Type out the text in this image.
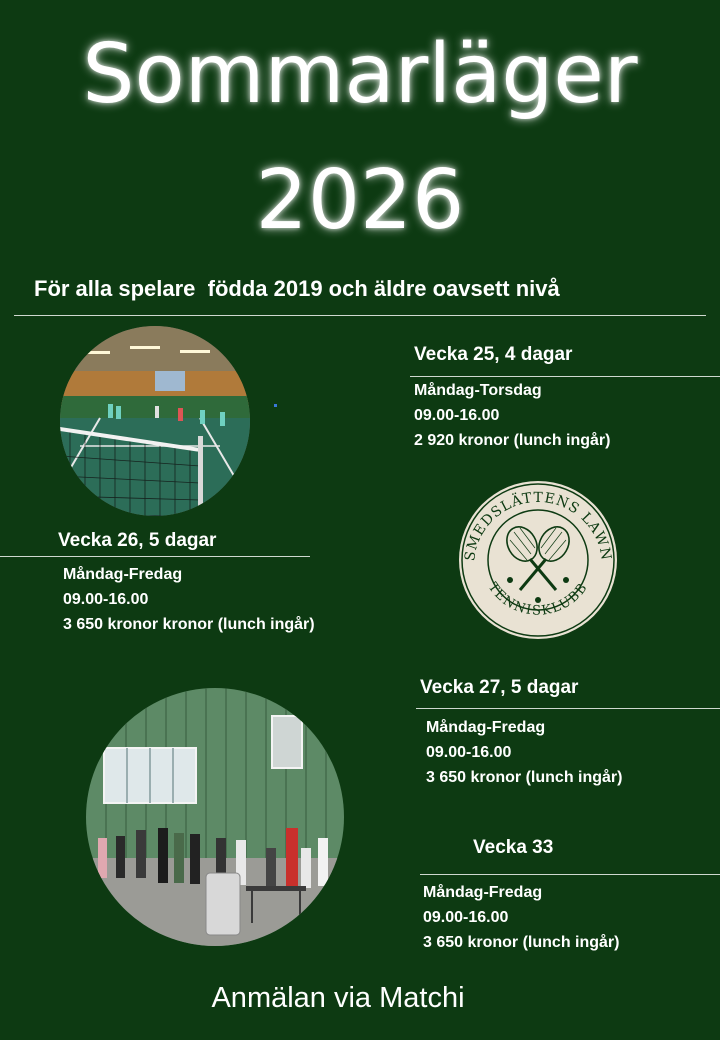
Sommarläger
2026
För alla spelare  födda 2019 och äldre oavsett nivå
Vecka 25, 4 dagar
Måndag-Torsdag
09.00-16.00
2 920 kronor (lunch ingår)
SMEDSLÄTTENS LAWN
TENNISKLUBB
Vecka 26, 5 dagar
Måndag-Fredag
09.00-16.00
3 650 kronor kronor (lunch ingår)
Vecka 27, 5 dagar
Måndag-Fredag
09.00-16.00
3 650 kronor (lunch ingår)
Vecka 33
Måndag-Fredag
09.00-16.00
3 650 kronor (lunch ingår)
Anmälan via Matchi
